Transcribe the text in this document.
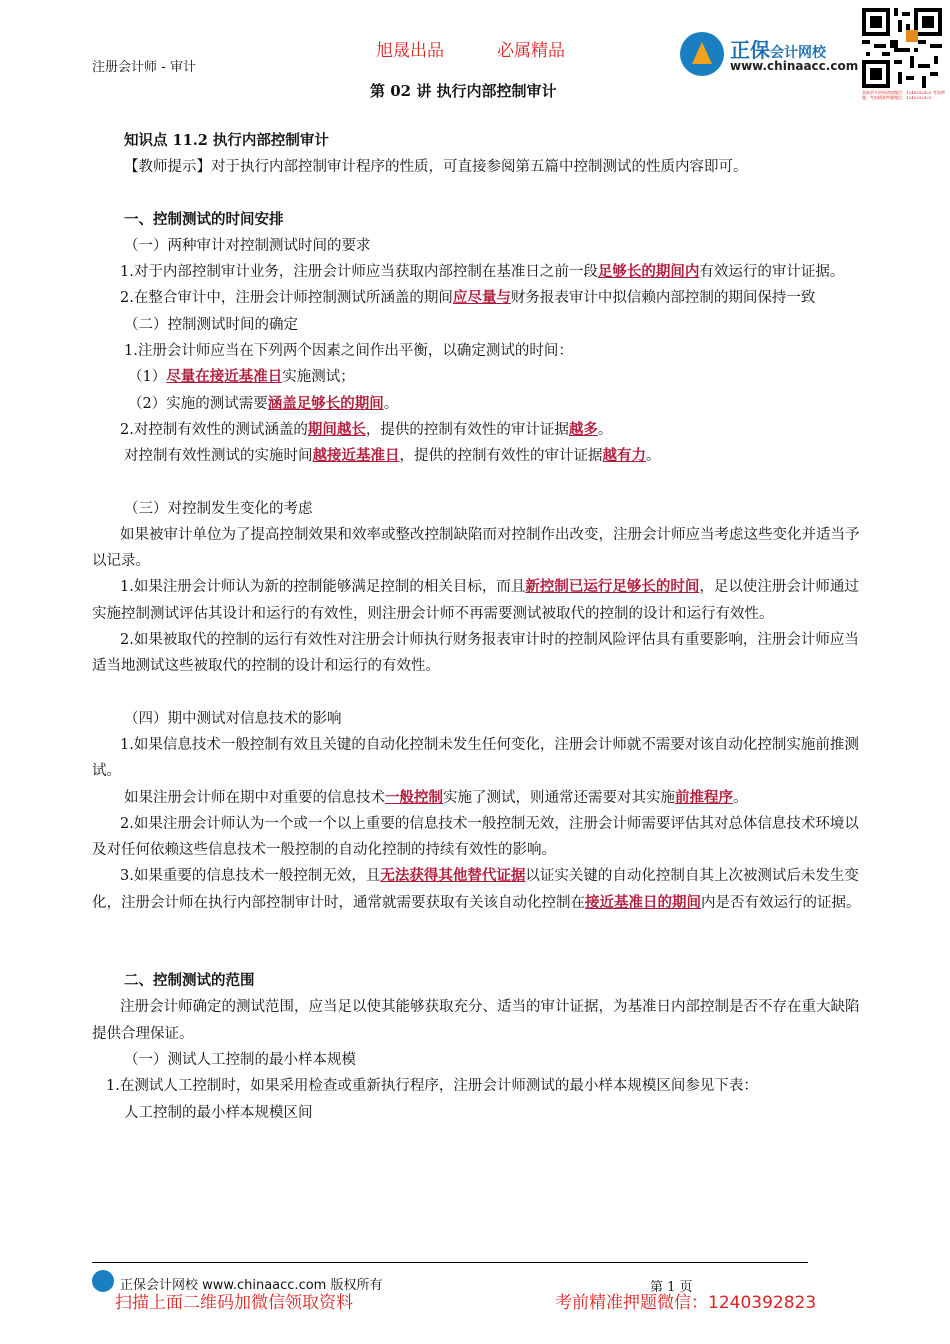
注册会计师 - 审计
旭晟出品	必属精品
第 02 讲 执行内部控制审计
正保会计网校
www.chinaacc.com
获取更多资料请加微信：1240392823 考前押题，考前精准押题微信：1240392823

知识点 11.2 执行内部控制审计

【教师提示】对于执行内部控制审计程序的性质，可直接参阅第五篇中控制测试的性质内容即可。

一、控制测试的时间安排

（一）两种审计对控制测试时间的要求

1.对于内部控制审计业务，注册会计师应当获取内部控制在基准日之前一段足够长的期间内有效运行的审计证据。

2.在整合审计中，注册会计师控制测试所涵盖的期间应尽量与财务报表审计中拟信赖内部控制的期间保持一致

（二）控制测试时间的确定

1.注册会计师应当在下列两个因素之间作出平衡，以确定测试的时间：

（1）尽量在接近基准日实施测试；

（2）实施的测试需要涵盖足够长的期间。

2.对控制有效性的测试涵盖的期间越长，提供的控制有效性的审计证据越多。

对控制有效性测试的实施时间越接近基准日，提供的控制有效性的审计证据越有力。

（三）对控制发生变化的考虑

如果被审计单位为了提高控制效果和效率或整改控制缺陷而对控制作出改变，注册会计师应当考虑这些变化并适当予以记录。

1.如果注册会计师认为新的控制能够满足控制的相关目标，而且新控制已运行足够长的时间，足以使注册会计师通过实施控制测试评估其设计和运行的有效性，则注册会计师不再需要测试被取代的控制的设计和运行有效性。

2.如果被取代的控制的运行有效性对注册会计师执行财务报表审计时的控制风险评估具有重要影响，注册会计师应当适当地测试这些被取代的控制的设计和运行的有效性。

（四）期中测试对信息技术的影响

1.如果信息技术一般控制有效且关键的自动化控制未发生任何变化，注册会计师就不需要对该自动化控制实施前推测试。

如果注册会计师在期中对重要的信息技术一般控制实施了测试，则通常还需要对其实施前推程序。

2.如果注册会计师认为一个或一个以上重要的信息技术一般控制无效，注册会计师需要评估其对总体信息技术环境以及对任何依赖这些信息技术一般控制的自动化控制的持续有效性的影响。

3.如果重要的信息技术一般控制无效，且无法获得其他替代证据以证实关键的自动化控制自其上次被测试后未发生变化，注册会计师在执行内部控制审计时，通常就需要获取有关该自动化控制在接近基准日的期间内是否有效运行的证据。

二、控制测试的范围

注册会计师确定的测试范围，应当足以使其能够获取充分、适当的审计证据，为基准日内部控制是否不存在重大缺陷提供合理保证。

（一）测试人工控制的最小样本规模

1.在测试人工控制时，如果采用检查或重新执行程序，注册会计师测试的最小样本规模区间参见下表：

人工控制的最小样本规模区间

正保会计网校 www.chinaacc.com 版权所有	第 1 页
扫描上面二维码加微信领取资料	考前精准押题微信：1240392823
